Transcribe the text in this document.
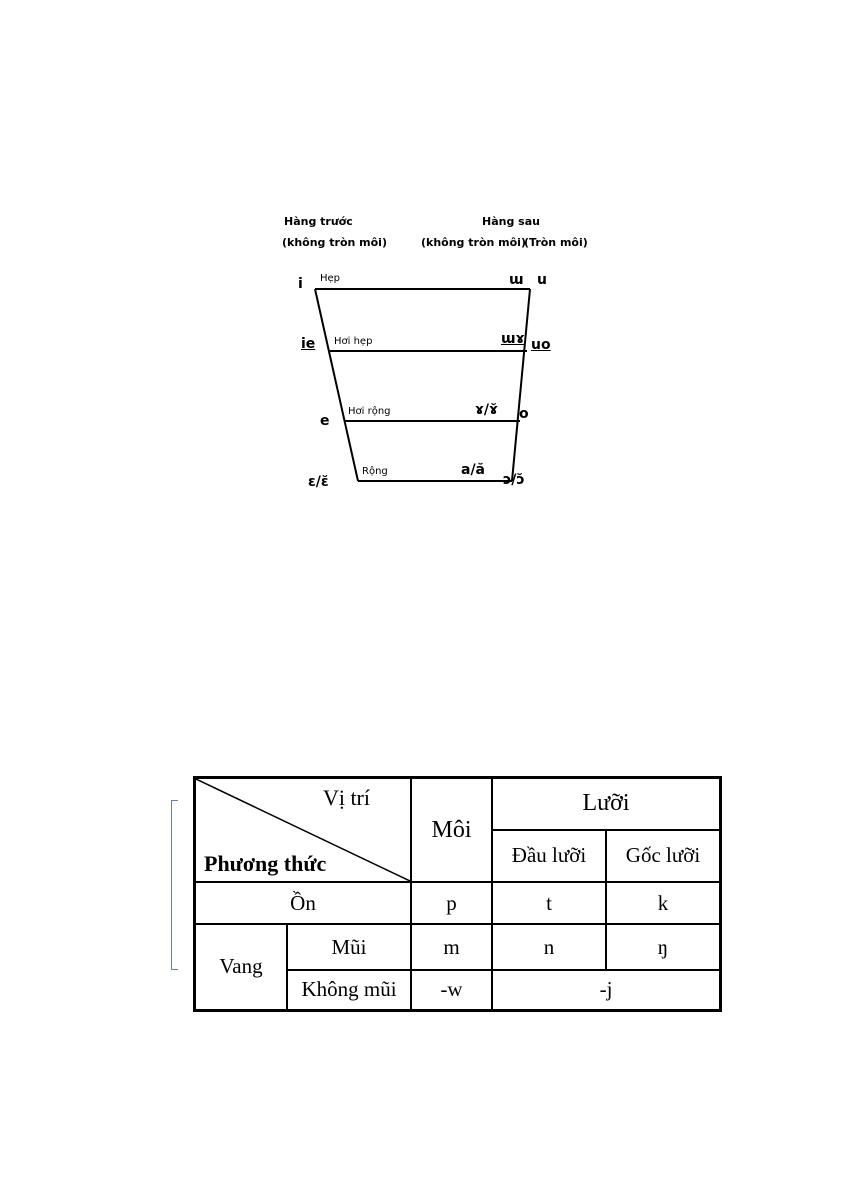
Hàng trước
(không tròn môi)
Hàng sau
(không tròn môi)
(Tròn môi)
Hẹp
Hơi hẹp
Hơi rộng
Rộng
i
ie
e
ε/ε̆
ɯ
ɯɤ
ɤ/ɤ̆
a/ă
u
uo
o
ɔ/ɔ̆
Vị trí
Phương thức		Môi	Lưỡi	
			Đầu lưỡi	Gốc lưỡi
Ồn		p	t	k
Vang	Mũi	m	n	ŋ
	Không mũi	-w	-j	
